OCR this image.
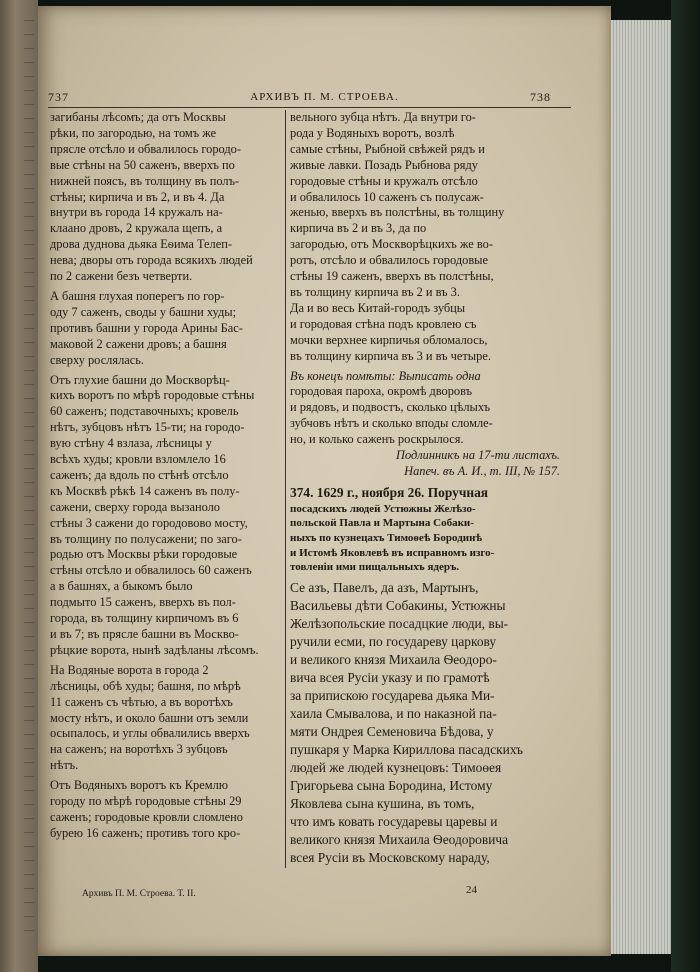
737	АРХИВЪ П. М. СТРОЕВА.	738
загибаны лѣсомъ; да отъ Москвы
рѣки, по загородью, на томъ же
прясле отсѣло и обвалилось городо-
вые стѣны на 50 саженъ, вверхъ по
нижней поясъ, въ толщину въ полъ-
стѣны; кирпича и въ 2, и въ 4. Да
внутри въ города 14 кружалъ на-
клаано дровъ, 2 кружала щепъ, а
дрова дуднова дьяка Еѳима Телеп-
нева; дворы отъ города всякихъ людей
по 2 сажени безъ четверти.
А башня глухая поперегъ по гор-
оду 7 саженъ, своды у башни худы;
противъ башни у города Арины Бас-
маковой 2 сажени дровъ; а башня
сверху рослялась.
Отъ глухие башни до Москворѣц-
кихъ воротъ по мѣрѣ городовые стѣны
60 саженъ; подставочныхъ; кровель
нѣтъ, зубцовъ нѣтъ 15-ти; на городо-
вую стѣну 4 взлаза, лѣсницы у
всѣхъ худы; кровли взломлело 16
саженъ; да вдоль по стѣнѣ отсѣло
къ Москвѣ рѣкѣ 14 саженъ въ полу-
сажени, сверху города вызаноло
стѣны 3 сажени до городовово мосту,
въ толщину по полусажени; по заго-
родью отъ Москвы рѣки городовые
стѣны отсѣло и обвалилось 60 саженъ
а в башнях, а быкомъ было
подмыто 15 саженъ, вверхъ въ пол-
города, въ толщину кирпичомъ въ 6
и въ 7; въ прясле башни въ Москво-
рѣцкие ворота, нынѣ задѣланы лѣсомъ.
На Водяные ворота в города 2
лѣсницы, обѣ худы; башня, по мѣрѣ
11 саженъ съ чѣтью, а въ воротѣхъ
мосту нѣтъ, и около башни отъ земли
осыпалось, и углы обвалились вверхъ
на саженъ; на воротѣхъ 3 зубцовъ
нѣтъ.
Отъ Водяныхъ воротъ къ Кремлю
городу по мѣрѣ городовые стѣны 29
саженъ; городовые кровли сломлено
бурею 16 саженъ; противъ того кро-
вельного зубца нѣтъ. Да внутри го-
рода у Водяныхъ воротъ, возлѣ
самые стѣны, Рыбной свѣжей рядъ и
живые лавки. Позадь Рыбнова ряду
городовые стѣны и кружалъ отсѣло
и обвалилось 10 саженъ съ полусаж-
женью, вверхъ въ полстѣны, въ толщину
кирпича въ 2 и въ 3, да по
загородью, отъ Москворѣцкихъ же во-
ротъ, отсѣло и обвалилось городовые
стѣны 19 саженъ, вверхъ въ полстѣны,
въ толщину кирпича въ 2 и въ 3.
Да и во весь Китай-городъ зубцы
и городовая стѣна подъ кровлею съ
мочки верхнее кирпичья обломалось,
въ толщину кирпича въ 3 и въ четыре.
Въ конецъ помѣты: Выписать одна
городовая пароха, окромѣ дворовъ
и рядовъ, и подвостъ, сколько цѣлыхъ
зубчовъ нѣтъ и сколько вподы сломле-
но, и колько саженъ роскрылося.
Подлинникъ на 17-ти листахъ.
Напеч. въ А. И., т. III, № 157.
374. 1629 г., ноября 26. Поручная
посадскихъ людей Устюжны Желѣзо-
польской Павла и Мартына Собаки-
ныхъ по кузнецахъ Тимоѳеѣ Бородинѣ
и Истомѣ Яковлевѣ въ исправномъ изго-
товленіи ими пищальныхъ ядеръ.
Се азъ, Павелъ, да азъ, Мартынъ,
Васильевы дѣти Собакины, Устюжны
Желѣзопольские посадцкие люди, вы-
ручили есми, по государеву царкову
и великого князя Михаила Ѳеодоро-
вича всея Русіи указу и по грамотѣ
за припискою государева дьяка Ми-
хаила Смывалова, и по наказной па-
мяти Ондрея Семеновича Бѣдова, у
пушкаря у Марка Кириллова пасадскихъ
людей же людей кузнецовъ: Тимоѳея
Григорьева сына Бородина, Истому
Яковлева сына кушина, въ томъ,
что имъ ковать государевы царевы и
великого князя Михаила Ѳеодоровича
всея Русіи въ Московскому нараду,
Архивъ П. М. Строева. Т. II.	24
